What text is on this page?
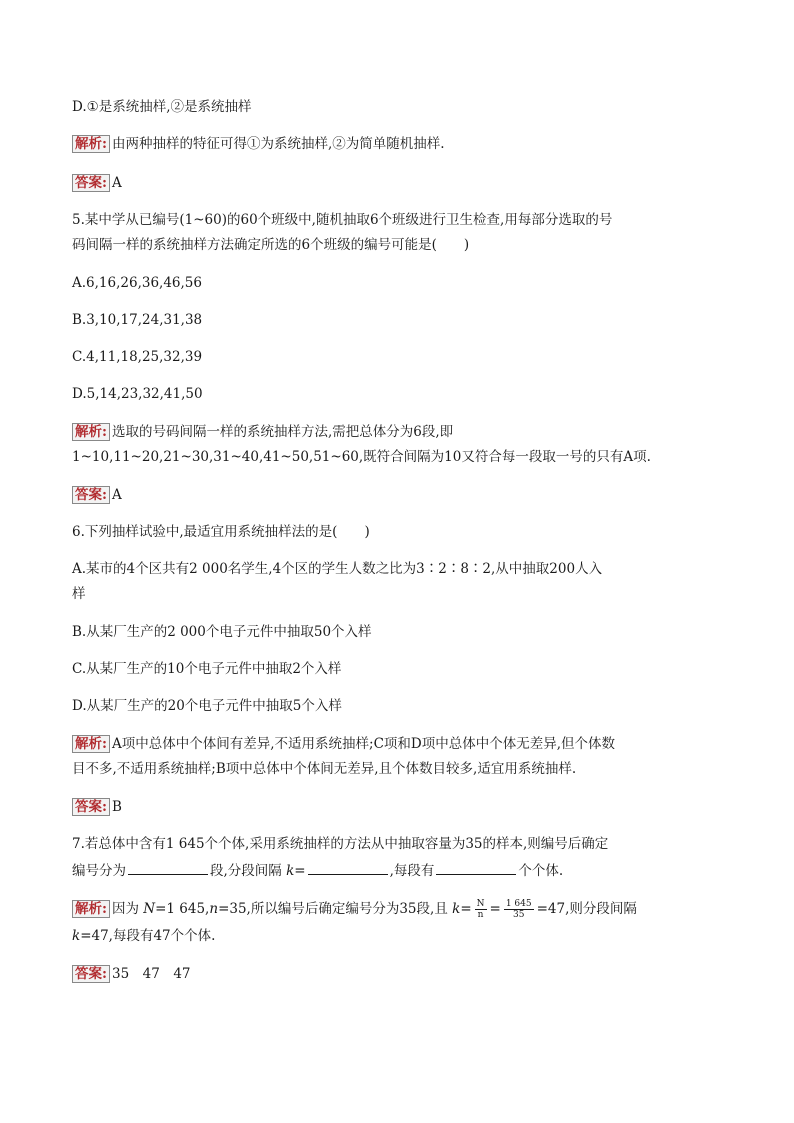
D.①是系统抽样,②是系统抽样
解析: 由两种抽样的特征可得①为系统抽样,②为简单随机抽样.
答案: A
5.某中学从已编号(1~60)的60个班级中,随机抽取6个班级进行卫生检查,用每部分选取的号
码间隔一样的系统抽样方法确定所选的6个班级的编号可能是(　　)
A.6,16,26,36,46,56
B.3,10,17,24,31,38
C.4,11,18,25,32,39
D.5,14,23,32,41,50
解析: 选取的号码间隔一样的系统抽样方法,需把总体分为6段,即
1~10,11~20,21~30,31~40,41~50,51~60,既符合间隔为10又符合每一段取一号的只有A项.
答案: A
6.下列抽样试验中,最适宜用系统抽样法的是(　　)
A.某市的4个区共有2 000名学生,4个区的学生人数之比为3∶2∶8∶2,从中抽取200人入
样
B.从某厂生产的2 000个电子元件中抽取50个入样
C.从某厂生产的10个电子元件中抽取2个入样
D.从某厂生产的20个电子元件中抽取5个入样
解析: A项中总体中个体间有差异,不适用系统抽样;C项和D项中总体中个体无差异,但个体数
目不多,不适用系统抽样;B项中总体中个体间无差异,且个体数目较多,适宜用系统抽样.
答案: B
7.若总体中含有1 645个个体,采用系统抽样的方法从中抽取容量为35的样本,则编号后确定
编号分为	段,分段间隔 k=	,每段有	个个体.
解析: 因为 N=1 645,n=35,所以编号后确定编号分为35段,且 $k= \frac{N}{n} = \frac{1 645}{35} =47$,则分段间隔
k=47,每段有47个个体.
答案: 35　47　47
